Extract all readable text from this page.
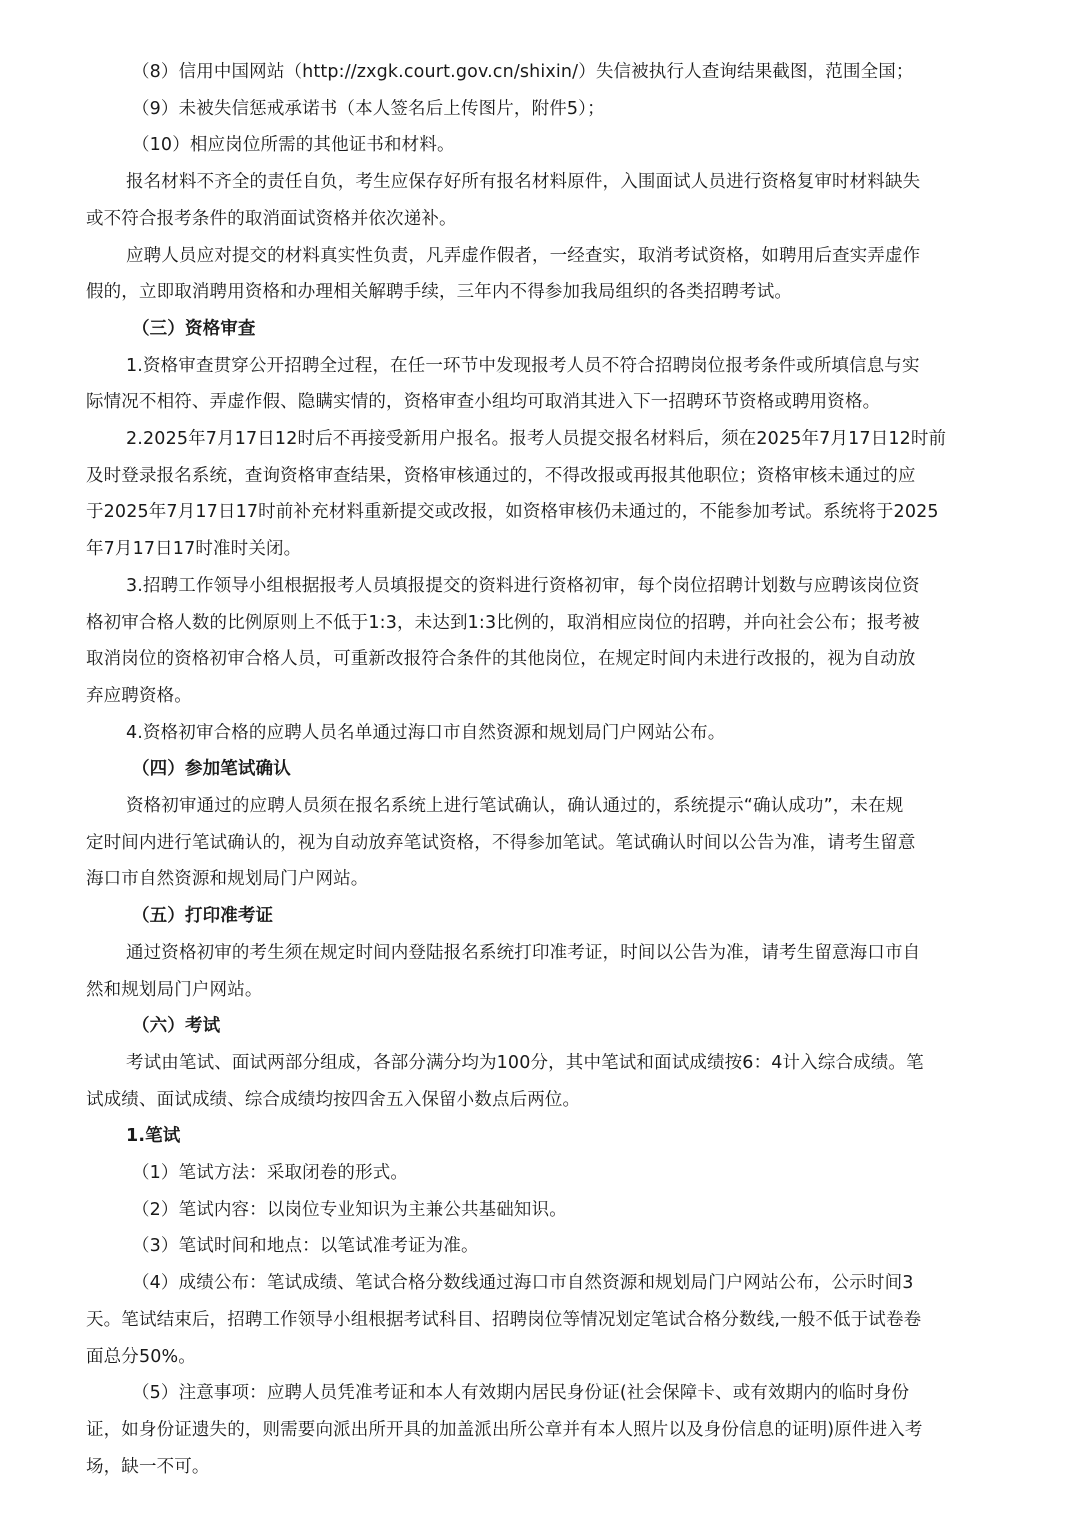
（8）信用中国网站（http://zxgk.court.gov.cn/shixin/）失信被执行人查询结果截图，范围全国；
（9）未被失信惩戒承诺书（本人签名后上传图片，附件5）；
（10）相应岗位所需的其他证书和材料。
报名材料不齐全的责任自负，考生应保存好所有报名材料原件，入围面试人员进行资格复审时材料缺失
或不符合报考条件的取消面试资格并依次递补。
应聘人员应对提交的材料真实性负责，凡弄虚作假者，一经查实，取消考试资格，如聘用后查实弄虚作
假的，立即取消聘用资格和办理相关解聘手续，三年内不得参加我局组织的各类招聘考试。
（三）资格审查
1.资格审查贯穿公开招聘全过程，在任一环节中发现报考人员不符合招聘岗位报考条件或所填信息与实
际情况不相符、弄虚作假、隐瞒实情的，资格审查小组均可取消其进入下一招聘环节资格或聘用资格。
2.2025年7月17日12时后不再接受新用户报名。报考人员提交报名材料后，须在2025年7月17日12时前
及时登录报名系统，查询资格审查结果，资格审核通过的，不得改报或再报其他职位；资格审核未通过的应
于2025年7月17日17时前补充材料重新提交或改报，如资格审核仍未通过的，不能参加考试。系统将于2025
年7月17日17时准时关闭。
3.招聘工作领导小组根据报考人员填报提交的资料进行资格初审，每个岗位招聘计划数与应聘该岗位资
格初审合格人数的比例原则上不低于1:3，未达到1:3比例的，取消相应岗位的招聘，并向社会公布；报考被
取消岗位的资格初审合格人员，可重新改报符合条件的其他岗位，在规定时间内未进行改报的，视为自动放
弃应聘资格。
4.资格初审合格的应聘人员名单通过海口市自然资源和规划局门户网站公布。
（四）参加笔试确认
资格初审通过的应聘人员须在报名系统上进行笔试确认，确认通过的，系统提示“确认成功”，未在规
定时间内进行笔试确认的，视为自动放弃笔试资格，不得参加笔试。笔试确认时间以公告为准，请考生留意
海口市自然资源和规划局门户网站。
（五）打印准考证
通过资格初审的考生须在规定时间内登陆报名系统打印准考证，时间以公告为准，请考生留意海口市自
然和规划局门户网站。
（六）考试
考试由笔试、面试两部分组成，各部分满分均为100分，其中笔试和面试成绩按6：4计入综合成绩。笔
试成绩、面试成绩、综合成绩均按四舍五入保留小数点后两位。
1.笔试
（1）笔试方法：采取闭卷的形式。
（2）笔试内容：以岗位专业知识为主兼公共基础知识。
（3）笔试时间和地点：以笔试准考证为准。
（4）成绩公布：笔试成绩、笔试合格分数线通过海口市自然资源和规划局门户网站公布，公示时间3
天。笔试结束后，招聘工作领导小组根据考试科目、招聘岗位等情况划定笔试合格分数线,一般不低于试卷卷
面总分50%。
（5）注意事项：应聘人员凭准考证和本人有效期内居民身份证(社会保障卡、或有效期内的临时身份
证，如身份证遗失的，则需要向派出所开具的加盖派出所公章并有本人照片以及身份信息的证明)原件进入考
场，缺一不可。
